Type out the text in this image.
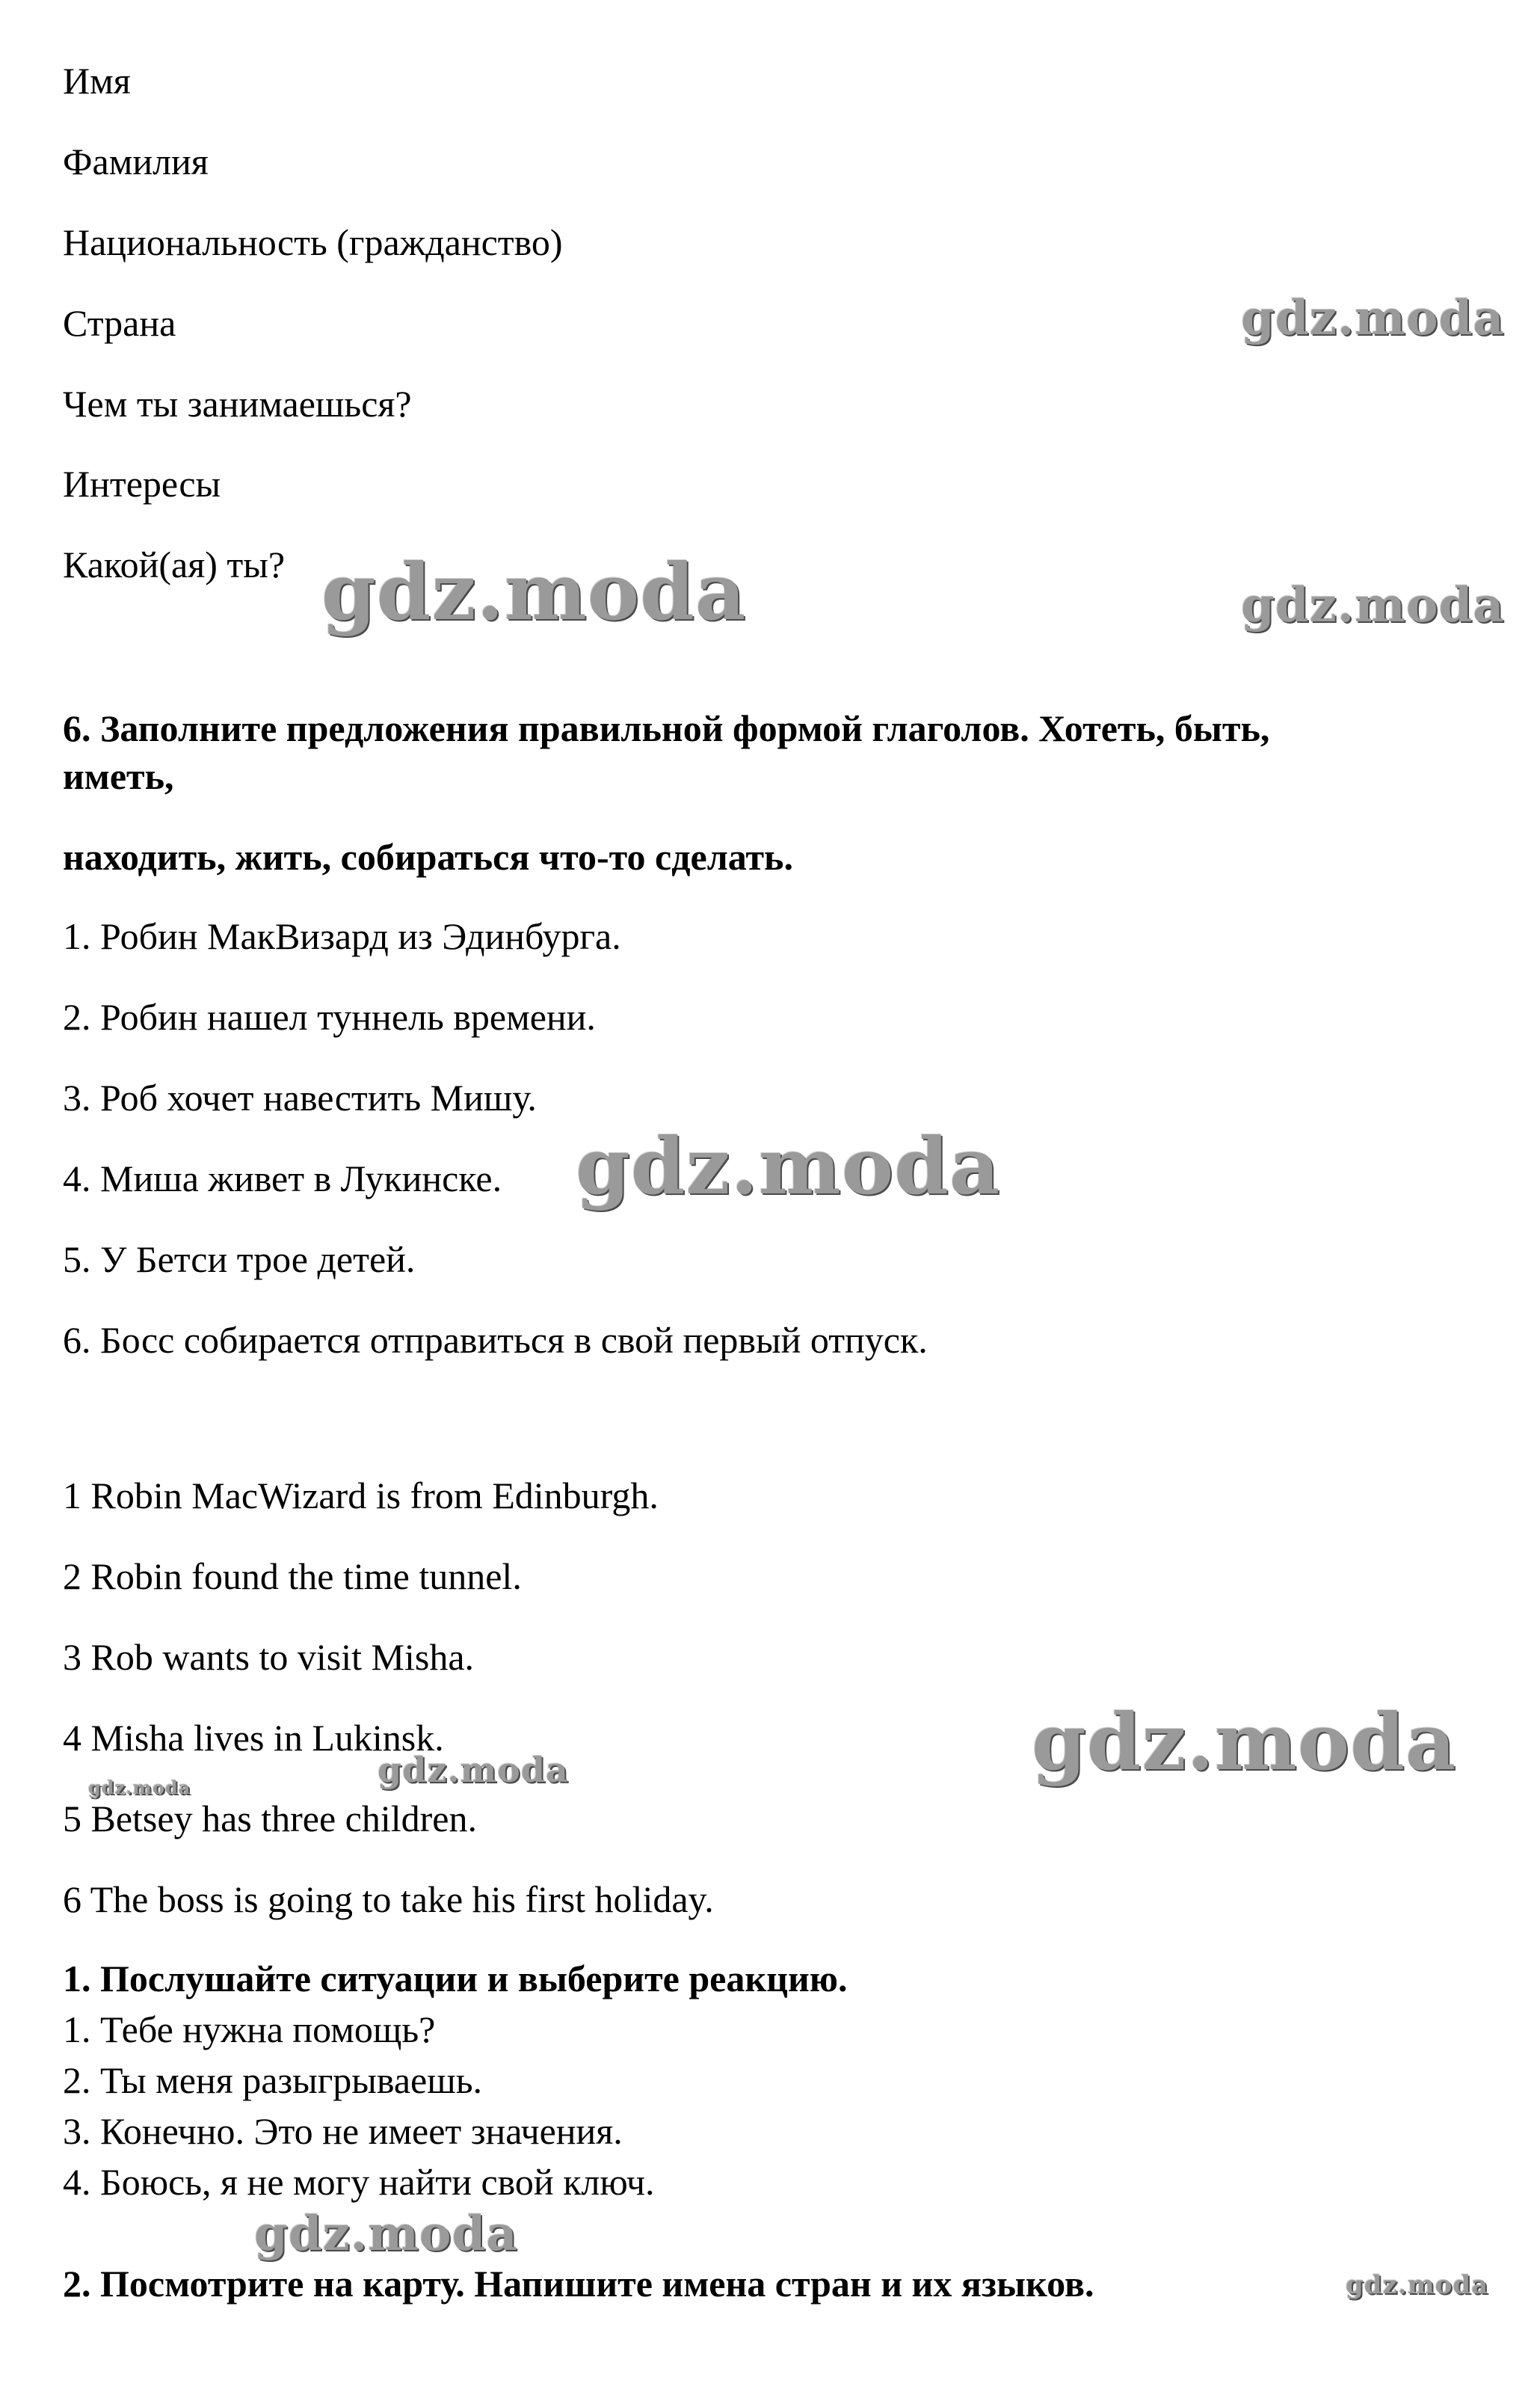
Имя
Фамилия
Национальность (гражданство)
Страна
Чем ты занимаешься?
Интересы
Какой(ая) ты?
6. Заполните предложения правильной формой глаголов. Хотеть, быть,
иметь,
находить, жить, собираться что-то сделать.
1. Робин МакВизард из Эдинбурга.
2. Робин нашел туннель времени.
3. Роб хочет навестить Мишу.
4. Миша живет в Лукинске.
5. У Бетси трое детей.
6. Босс собирается отправиться в свой первый отпуск.
1 Robin MacWizard is from Edinburgh.
2 Robin found the time tunnel.
3 Rob wants to visit Misha.
4 Misha lives in Lukinsk.
5 Betsey has three children.
6 The boss is going to take his first holiday.
1. Послушайте ситуации и выберите реакцию.
1. Тебе нужна помощь?
2. Ты меня разыгрываешь.
3. Конечно. Это не имеет значения.
4. Боюсь, я не могу найти свой ключ.
2. Посмотрите на карту. Напишите имена стран и их языков.
gdz.moda
gdz.moda	gdz.moda
gdz.moda
gdz.moda
gdz.moda
gdz.moda
gdz.moda
gdz.moda
